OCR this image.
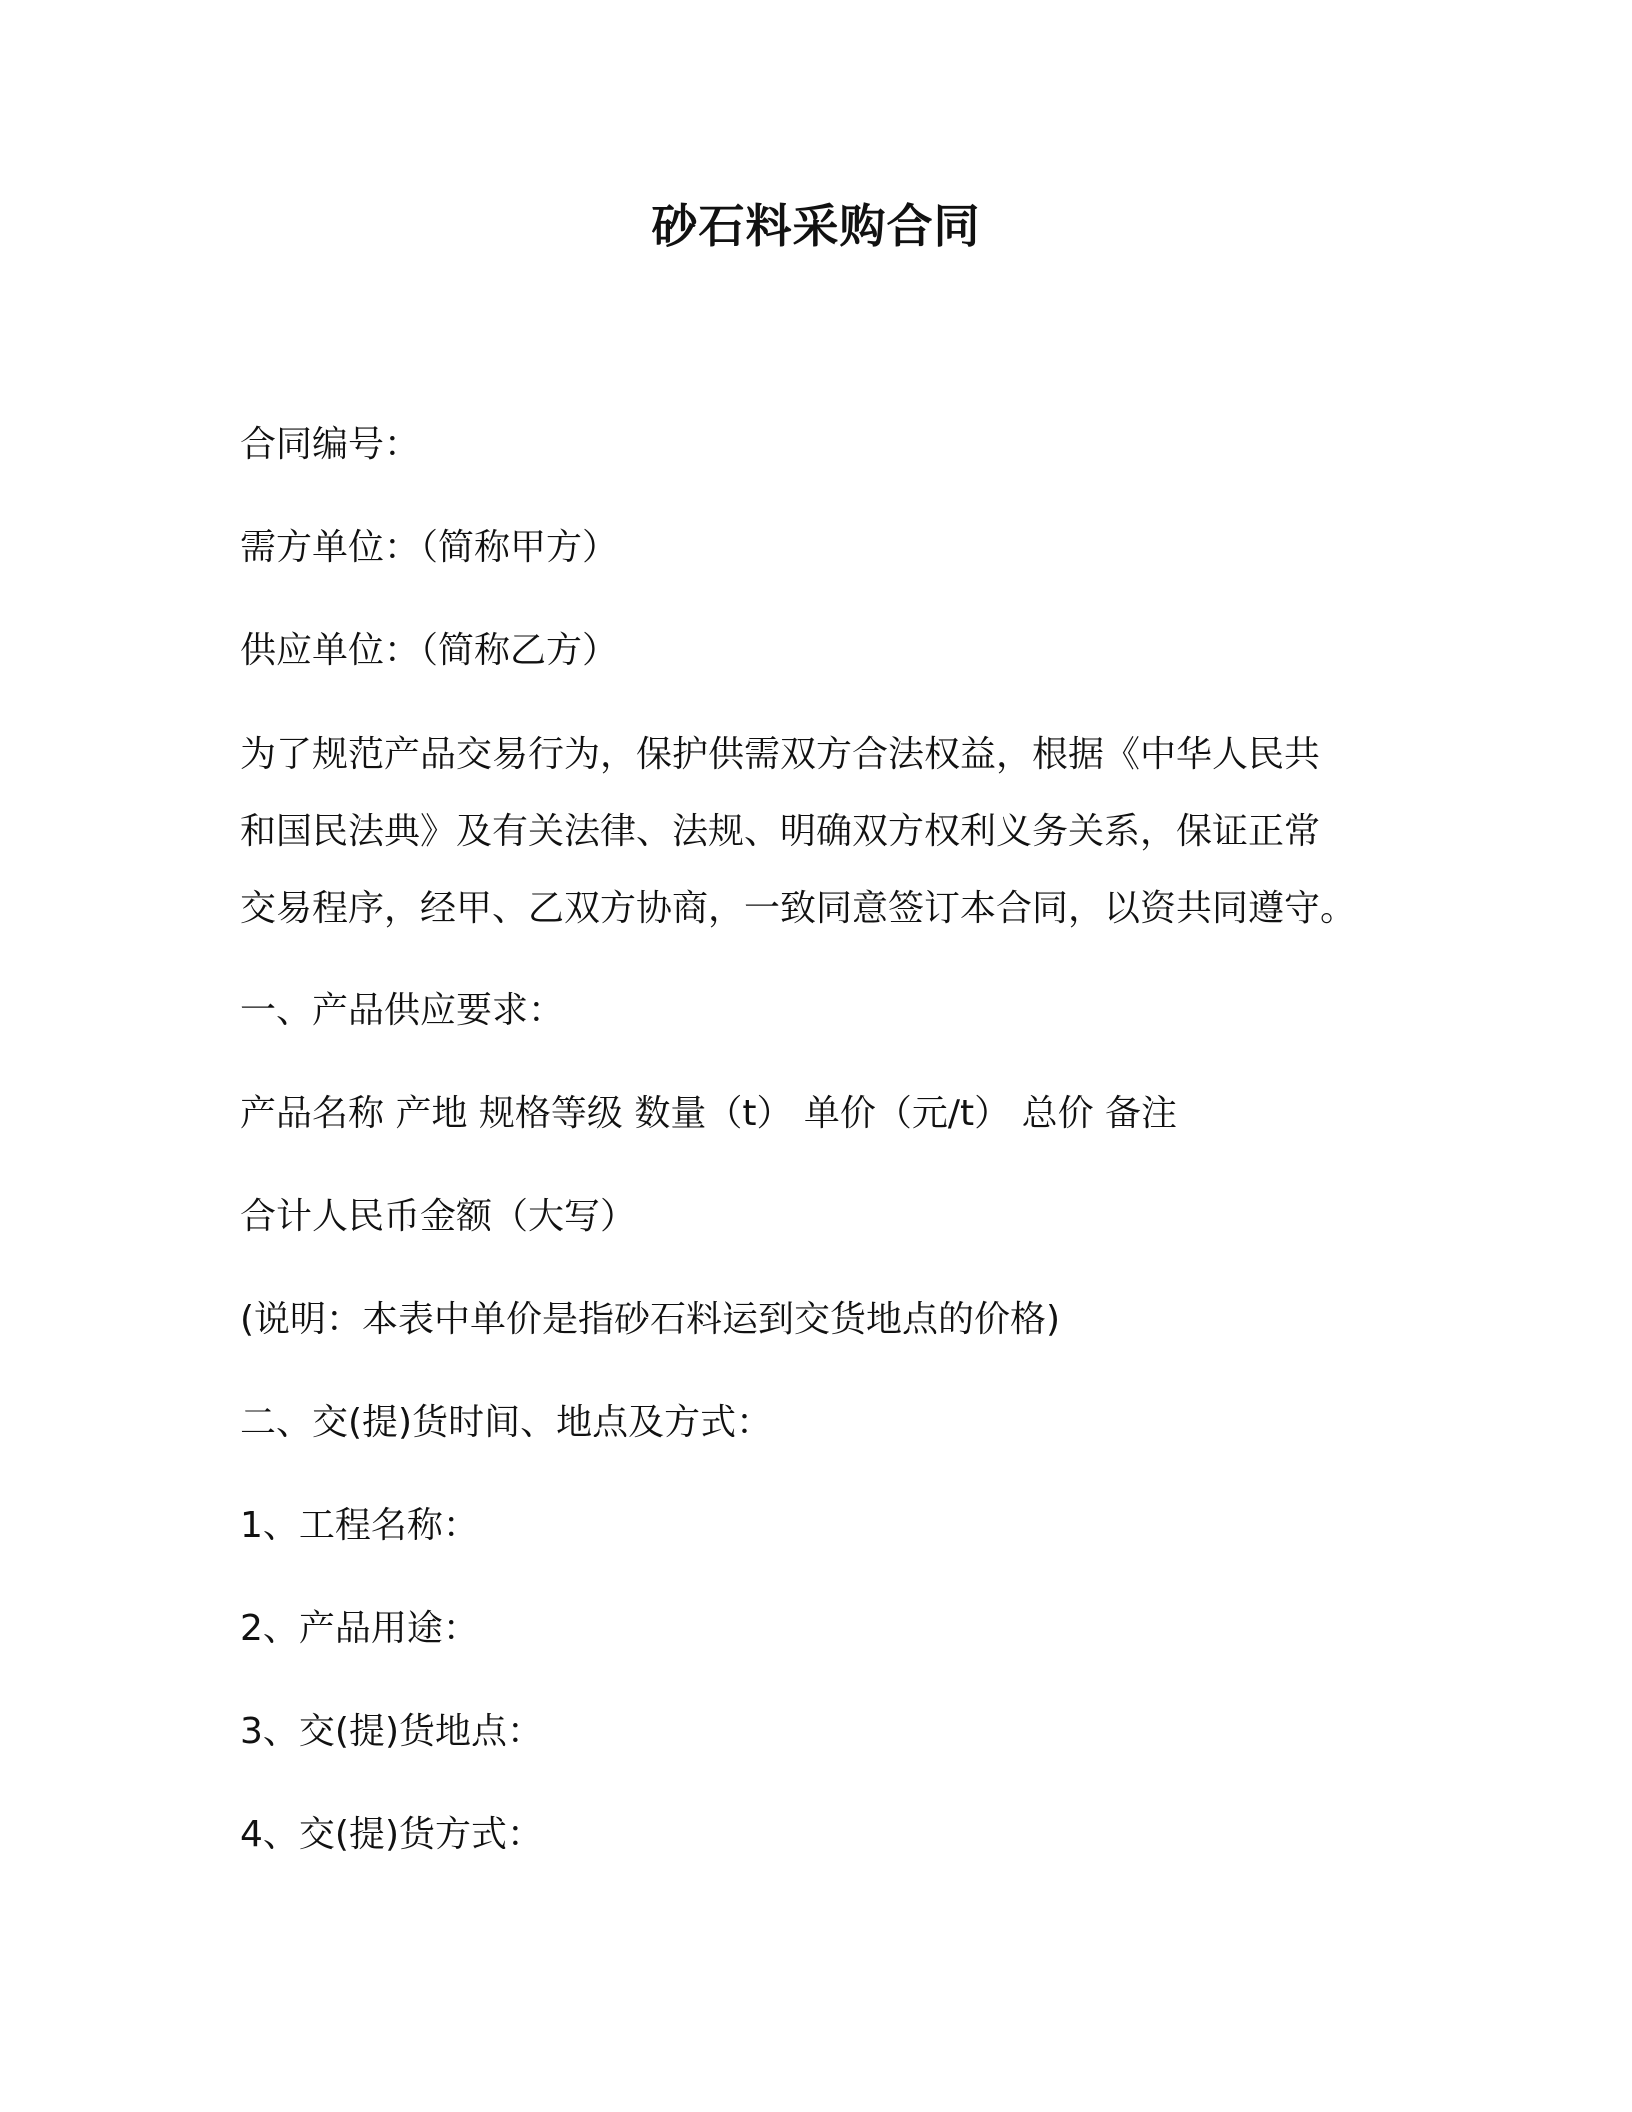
砂石料采购合同
合同编号：
需方单位：（简称甲方）
供应单位：（简称乙方）
为了规范产品交易行为，保护供需双方合法权益，根据《中华人民共
和国民法典》及有关法律、法规、明确双方权利义务关系，保证正常
交易程序，经甲、乙双方协商，一致同意签订本合同，以资共同遵守。
一、产品供应要求：
产品名称 产地 规格等级 数量（t） 单价（元/t） 总价 备注
合计人民币金额（大写）
(说明：本表中单价是指砂石料运到交货地点的价格)
二、交(提)货时间、地点及方式：
1、工程名称：
2、产品用途：
3、交(提)货地点：
4、交(提)货方式：
